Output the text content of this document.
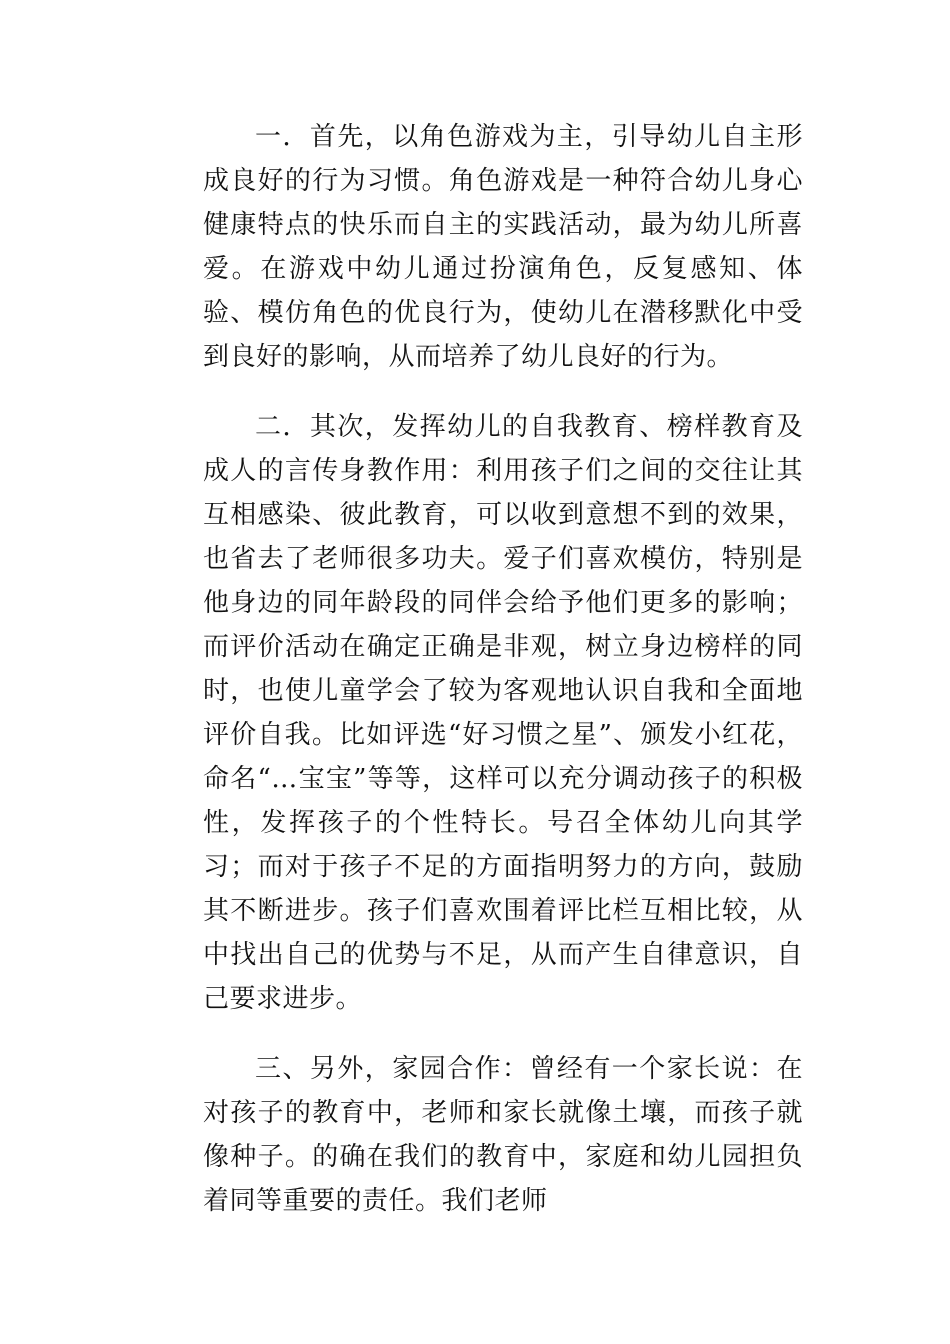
一．首先，以角色游戏为主，引导幼儿自主形成良好的行为习惯。角色游戏是一种符合幼儿身心健康特点的快乐而自主的实践活动，最为幼儿所喜爱。在游戏中幼儿通过扮演角色，反复感知、体验、模仿角色的优良行为，使幼儿在潜移默化中受到良好的影响，从而培养了幼儿良好的行为。

二．其次，发挥幼儿的自我教育、榜样教育及成人的言传身教作用：利用孩子们之间的交往让其互相感染、彼此教育，可以收到意想不到的效果，也省去了老师很多功夫。爱子们喜欢模仿，特别是他身边的同年龄段的同伴会给予他们更多的影响；而评价活动在确定正确是非观，树立身边榜样的同时，也使儿童学会了较为客观地认识自我和全面地评价自我。比如评选“好习惯之星”、颁发小红花，命名“…宝宝”等等，这样可以充分调动孩子的积极性，发挥孩子的个性特长。号召全体幼儿向其学习；而对于孩子不足的方面指明努力的方向，鼓励其不断进步。孩子们喜欢围着评比栏互相比较，从中找出自己的优势与不足，从而产生自律意识，自己要求进步。

三、另外，家园合作：曾经有一个家长说：在对孩子的教育中，老师和家长就像土壤，而孩子就像种子。的确在我们的教育中，家庭和幼儿园担负着同等重要的责任。我们老师
